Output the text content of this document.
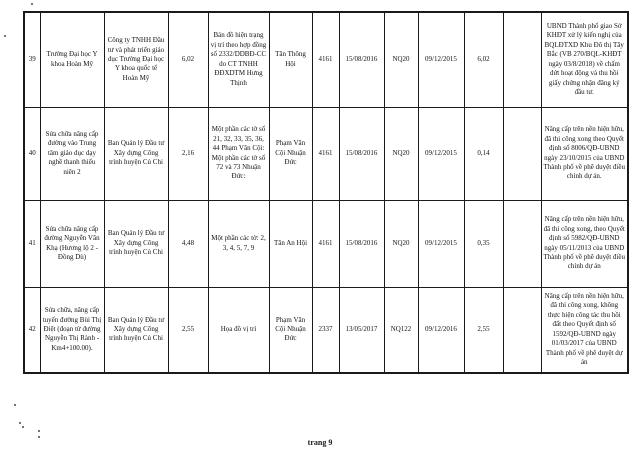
39	Trường Đại học Y khoa Hoàn Mỹ	Công ty TNHH Đầu tư và phát triển giáo dục Trường Đại học Y khoa quốc tế Hoàn Mỹ	6,02	Bản đồ hiện trạng vị trí theo hợp đồng số 2332/DDBĐ-CC do CT TNHH ĐĐXDTM Hưng Thịnh	Tân Thông Hội	4161	15/08/2016	NQ20	09/12/2015	6,02		UBND Thành phố giao Sở KHĐT xử lý kiến nghị của BQLĐTXD Khu Đô thị Tây Bắc (VB 270/BQL-KHĐT ngày 03/8/2018) về chấm dứt hoạt động và thu hồi giấy chứng nhận đăng ký đầu tư.
40	Sửa chữa nâng cấp đường vào Trung tâm giáo dục dạy nghề thanh thiếu niên 2	Ban Quản lý Đầu tư Xây dựng Công trình huyện Củ Chi	2,16	Một phần các tờ số 21, 32, 33, 35, 36, 44 Phạm Văn Cội: Một phần các tờ số 72 và 73 Nhuận Đức:	Phạm Văn Cội Nhuận Đức	4161	15/08/2016	NQ20	09/12/2015	0,14		Nâng cấp trên nền hiện hữu, đã thi công xong theo Quyết định số 8006/QĐ-UBND ngày 23/10/2015 của UBND Thành phố về phê duyệt điều chỉnh dự án.
41	Sửa chữa nâng cấp đường Nguyễn Văn Khạ (Hương lộ 2 - Đồng Dù)	Ban Quản lý Đầu tư Xây dựng Công trình huyện Củ Chi	4,48	Một phần các tờ: 2, 3, 4, 5, 7, 9	Tân An Hội	4161	15/08/2016	NQ20	09/12/2015	0,35		Nâng cấp trên nền hiện hữu, đã thi công xong, theo Quyết định số 5982/QĐ-UBND ngày 05/11/2013 của UBND Thành phố về phê duyệt điều chỉnh dự án
42	Sửa chữa, nâng cấp tuyến đường Bùi Thị Điệt (đoạn từ đường Nguyễn Thị Rành - Km4+100.00).	Ban Quản lý Đầu tư Xây dựng Công trình huyện Củ Chi	2,55	Họa đồ vị trí	Phạm Văn Cội Nhuận Đức	2337	13/05/2017	NQ122	09/12/2016	2,55		Nâng cấp trên nền hiện hữu, đã thi công xong, không thực hiện công tác thu hồi đất theo Quyết định số 1592/QĐ-UBND ngày 01/03/2017 của UBND Thành phố về phê duyệt dự án
trang 9
